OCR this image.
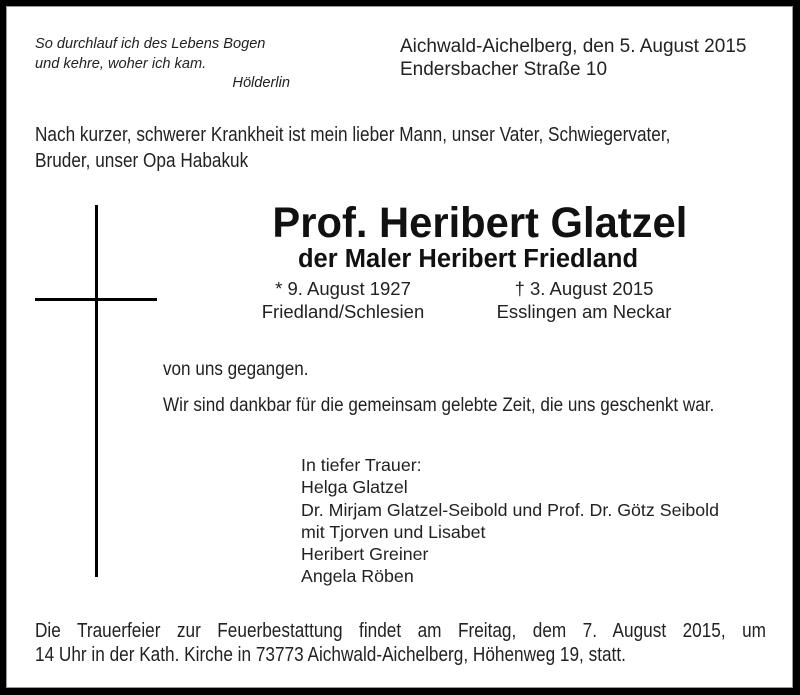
So durchlauf ich des Lebens Bogen
und kehre, woher ich kam.
Hölderlin
Aichwald-Aichelberg, den 5. August 2015
Endersbacher Straße 10
Nach kurzer, schwerer Krankheit ist mein lieber Mann, unser Vater, Schwiegervater,
Bruder, unser Opa Habakuk
Prof. Heribert Glatzel
der Maler Heribert Friedland
* 9. August 1927
Friedland/Schlesien
† 3. August 2015
Esslingen am Neckar
von uns gegangen.
Wir sind dankbar für die gemeinsam gelebte Zeit, die uns geschenkt war.
In tiefer Trauer:
Helga Glatzel
Dr. Mirjam Glatzel-Seibold und Prof. Dr. Götz Seibold
mit Tjorven und Lisabet
Heribert Greiner
Angela Röben
Die Trauerfeier zur Feuerbestattung findet am Freitag, dem 7. August 2015, um
14 Uhr in der Kath. Kirche in 73773 Aichwald-Aichelberg, Höhenweg 19, statt.
